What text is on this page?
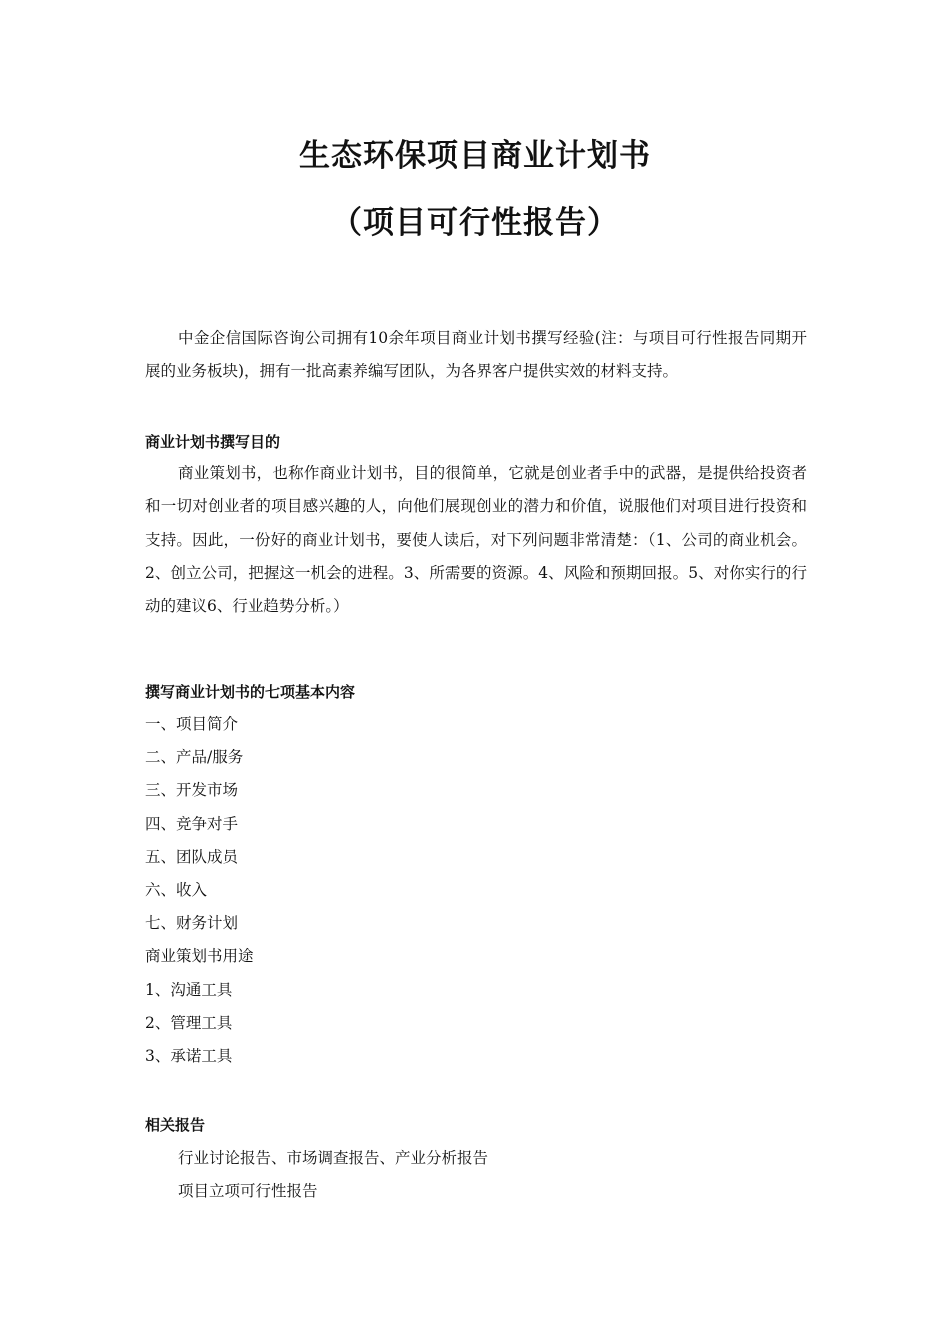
生态环保项目商业计划书
（项目可行性报告）

中金企信国际咨询公司拥有10余年项目商业计划书撰写经验(注：与项目可行性报告同期开展的业务板块)，拥有一批高素养编写团队，为各界客户提供实效的材料支持。

商业计划书撰写目的

商业策划书，也称作商业计划书，目的很简单，它就是创业者手中的武器，是提供给投资者和一切对创业者的项目感兴趣的人，向他们展现创业的潜力和价值，说服他们对项目进行投资和支持。因此，一份好的商业计划书，要使人读后，对下列问题非常清楚：（1、公司的商业机会。2、创立公司，把握这一机会的进程。3、所需要的资源。4、风险和预期回报。5、对你实行的行动的建议6、行业趋势分析。）

撰写商业计划书的七项基本内容
一、项目简介
二、产品/服务
三、开发市场
四、竞争对手
五、团队成员
六、收入
七、财务计划
商业策划书用途
1、沟通工具
2、管理工具
3、承诺工具
相关报告
行业讨论报告、市场调查报告、产业分析报告
项目立项可行性报告
